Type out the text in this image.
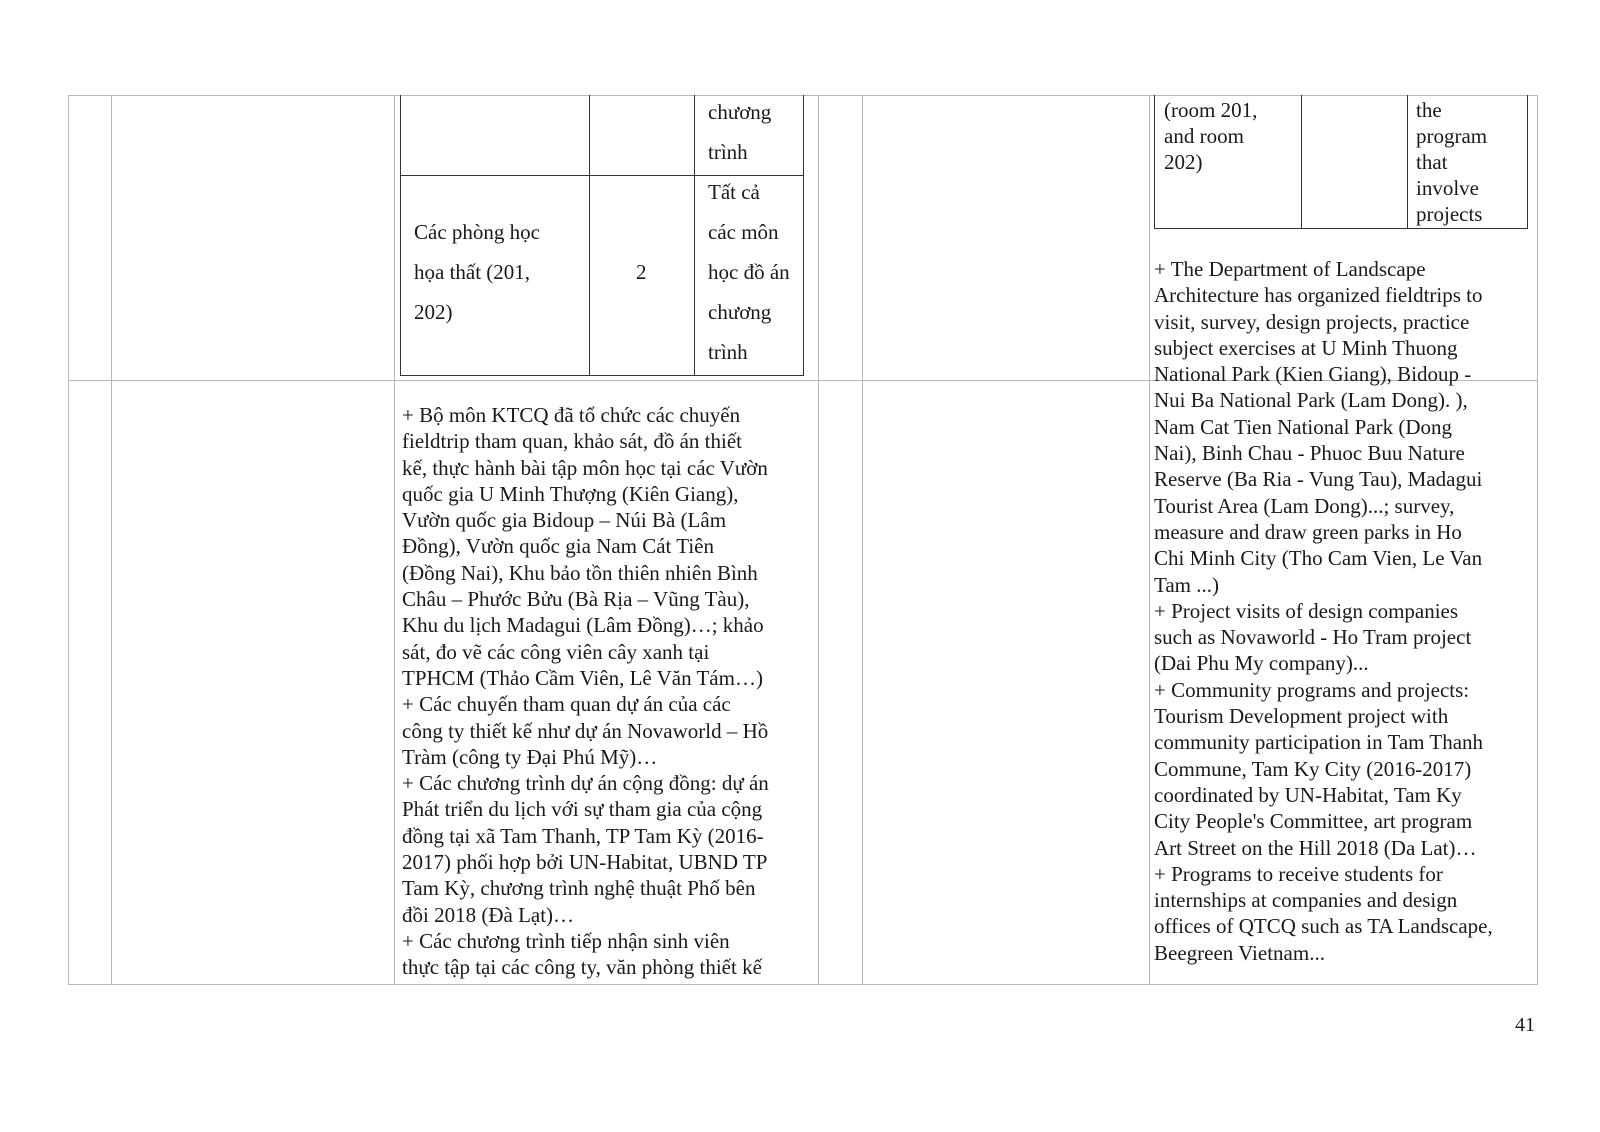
chương
trình
Các phòng học
họa thất (201,
202)
2
Tất cả
các môn
học đồ án
chương
trình
+ Bộ môn KTCQ đã tổ chức các chuyến
fieldtrip tham quan, khảo sát, đồ án thiết
kế, thực hành bài tập môn học tại các Vườn
quốc gia U Minh Thượng (Kiên Giang),
Vườn quốc gia Bidoup – Núi Bà (Lâm
Đồng), Vườn quốc gia Nam Cát Tiên
(Đồng Nai), Khu bảo tồn thiên nhiên Bình
Châu – Phước Bửu (Bà Rịa – Vũng Tàu),
Khu du lịch Madagui (Lâm Đồng)…; khảo
sát, đo vẽ các công viên cây xanh tại
TPHCM (Thảo Cầm Viên, Lê Văn Tám…)
+ Các chuyến tham quan dự án của các
công ty thiết kế như dự án Novaworld – Hồ
Tràm (công ty Đại Phú Mỹ)…
+ Các chương trình dự án cộng đồng: dự án
Phát triển du lịch với sự tham gia của cộng
đồng tại xã Tam Thanh, TP Tam Kỳ (2016-
2017) phối hợp bởi UN-Habitat, UBND TP
Tam Kỳ, chương trình nghệ thuật Phố bên
đồi 2018 (Đà Lạt)…
+ Các chương trình tiếp nhận sinh viên
thực tập tại các công ty, văn phòng thiết kế
(room 201,
and room
202)
the
program
that
involve
projects
+ The Department of Landscape
Architecture has organized fieldtrips to
visit, survey, design projects, practice
subject exercises at U Minh Thuong
National Park (Kien Giang), Bidoup -
Nui Ba National Park (Lam Dong). ),
Nam Cat Tien National Park (Dong
Nai), Binh Chau - Phuoc Buu Nature
Reserve (Ba Ria - Vung Tau), Madagui
Tourist Area (Lam Dong)...; survey,
measure and draw green parks in Ho
Chi Minh City (Tho Cam Vien, Le Van
Tam ...)
+ Project visits of design companies
such as Novaworld - Ho Tram project
(Dai Phu My company)...
+ Community programs and projects:
Tourism Development project with
community participation in Tam Thanh
Commune, Tam Ky City (2016-2017)
coordinated by UN-Habitat, Tam Ky
City People's Committee, art program
Art Street on the Hill 2018 (Da Lat)…
+ Programs to receive students for
internships at companies and design
offices of QTCQ such as TA Landscape,
Beegreen Vietnam...
41
